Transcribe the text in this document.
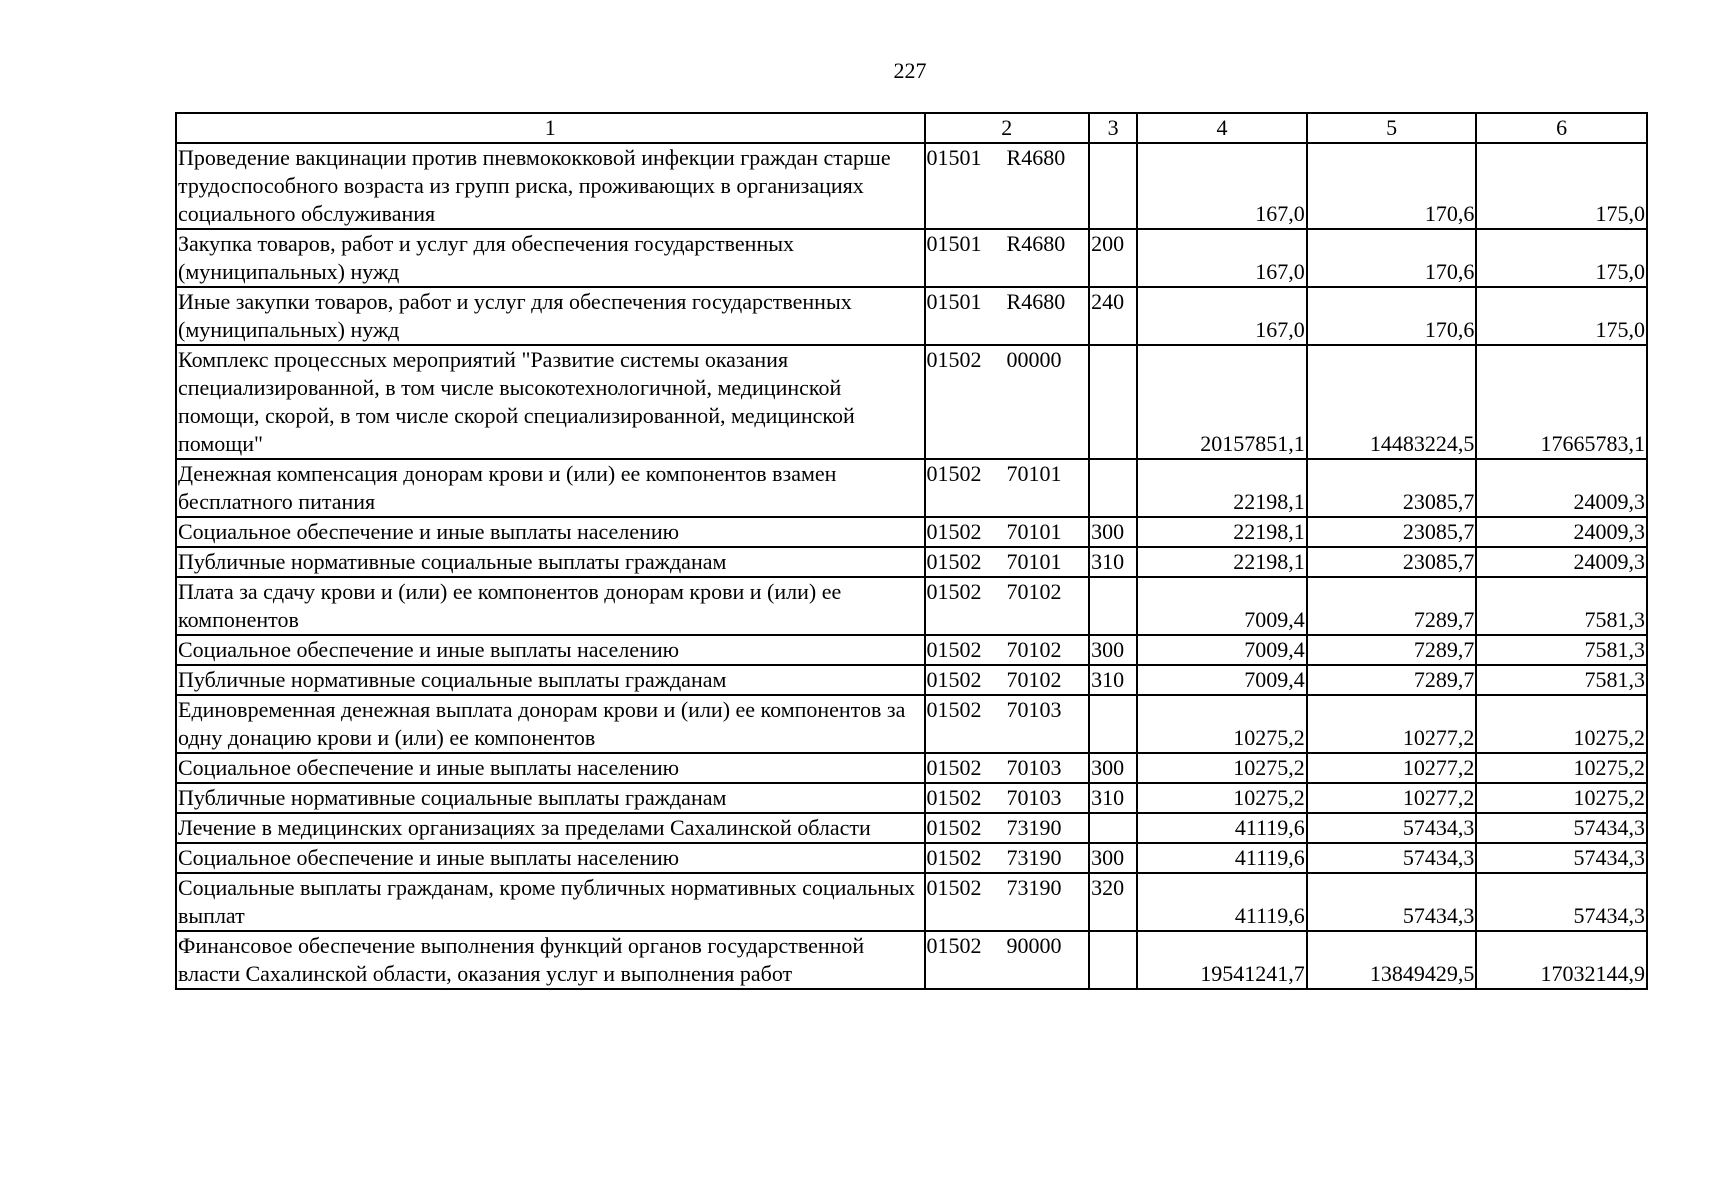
227
1	2	3	4	5	6
Проведение вакцинации против пневмококковой инфекции граждан старше трудоспособного возраста из групп риска, проживающих в организациях социального обслуживания	01501 R4680		167,0	170,6	175,0
Закупка товаров, работ и услуг для обеспечения государственных (муниципальных) нужд	01501 R4680	200	167,0	170,6	175,0
Иные закупки товаров, работ и услуг для обеспечения государственных (муниципальных) нужд	01501 R4680	240	167,0	170,6	175,0
Комплекс процессных мероприятий "Развитие системы оказания специализированной, в том числе высокотехнологичной, медицинской помощи, скорой, в том числе скорой специализированной, медицинской помощи"	01502 00000		20157851,1	14483224,5	17665783,1
Денежная компенсация донорам крови и (или) ее компонентов взамен бесплатного питания	01502 70101		22198,1	23085,7	24009,3
Социальное обеспечение и иные выплаты населению	01502 70101	300	22198,1	23085,7	24009,3
Публичные нормативные социальные выплаты гражданам	01502 70101	310	22198,1	23085,7	24009,3
Плата за сдачу крови и (или) ее компонентов донорам крови и (или) ее компонентов	01502 70102		7009,4	7289,7	7581,3
Социальное обеспечение и иные выплаты населению	01502 70102	300	7009,4	7289,7	7581,3
Публичные нормативные социальные выплаты гражданам	01502 70102	310	7009,4	7289,7	7581,3
Единовременная денежная выплата донорам крови и (или) ее компонентов за одну донацию крови и (или) ее компонентов	01502 70103		10275,2	10277,2	10275,2
Социальное обеспечение и иные выплаты населению	01502 70103	300	10275,2	10277,2	10275,2
Публичные нормативные социальные выплаты гражданам	01502 70103	310	10275,2	10277,2	10275,2
Лечение в медицинских организациях за пределами Сахалинской области	01502 73190		41119,6	57434,3	57434,3
Социальное обеспечение и иные выплаты населению	01502 73190	300	41119,6	57434,3	57434,3
Социальные выплаты гражданам, кроме публичных нормативных социальных выплат	01502 73190	320	41119,6	57434,3	57434,3
Финансовое обеспечение выполнения функций органов государственной власти Сахалинской области, оказания услуг и выполнения работ	01502 90000		19541241,7	13849429,5	17032144,9
